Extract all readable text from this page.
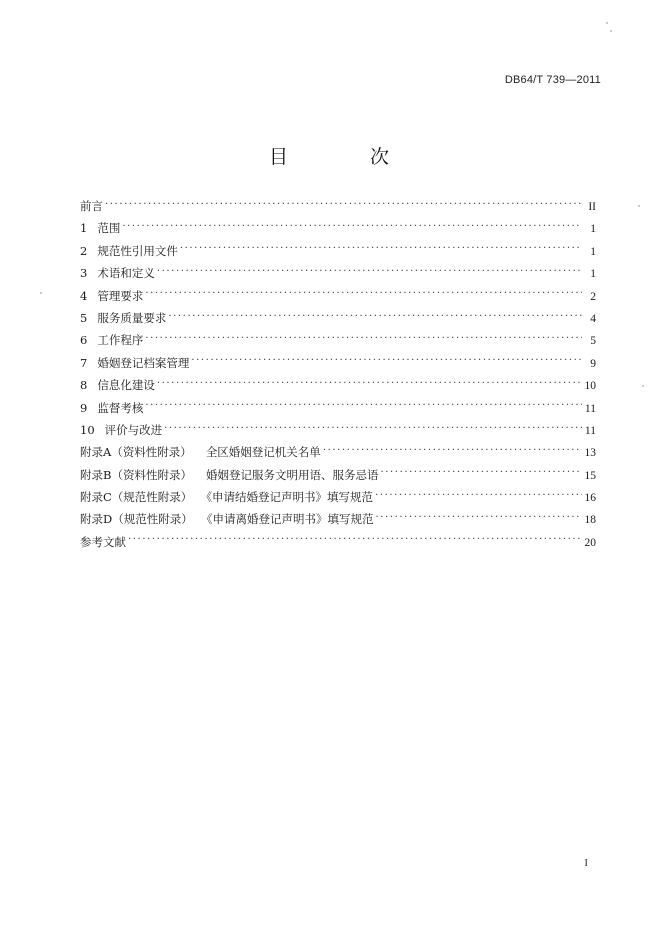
DB64/T 739—2011
目 次
前言 .....	II
1 范围 .....	1
2 规范性引用文件 .....	1
3 术语和定义 .....	1
4 管理要求 .....	2
5 服务质量要求 .....	4
6 工作程序 .....	5
7 婚姻登记档案管理 .....	9
8 信息化建设 .....	10
9 监督考核 .....	11
10 评价与改进 .....	11
附录A（资料性附录） 全区婚姻登记机关名单 .....	13
附录B（资料性附录） 婚姻登记服务文明用语、服务忌语 .....	15
附录C（规范性附录） 《申请结婚登记声明书》填写规范 .....	16
附录D（规范性附录） 《申请离婚登记声明书》填写规范 .....	18
参考文献 .....	20
I
